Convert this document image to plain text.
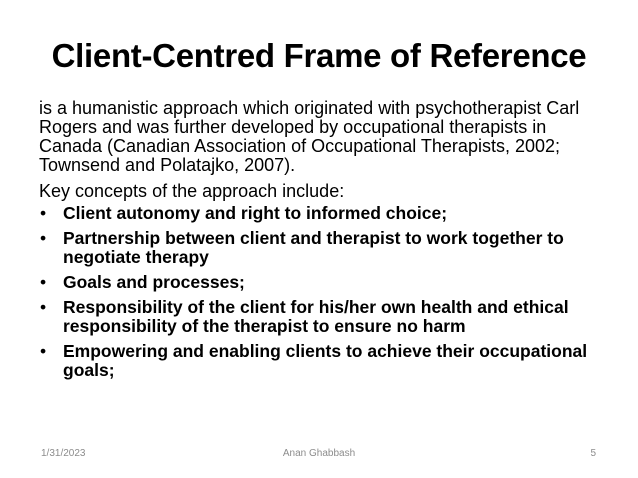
Client-Centred Frame of Reference

is a humanistic approach which originated with psychotherapist Carl Rogers and was further developed by occupational therapists in Canada (Canadian Association of Occupational Therapists, 2002; Townsend and Polatajko, 2007).

Key concepts of the approach include:

• Client autonomy and right to informed choice;
• Partnership between client and therapist to work together to negotiate therapy
• Goals and processes;
• Responsibility of the client for his/her own health and ethical responsibility of the therapist to ensure no harm
• Empowering and enabling clients to achieve their occupational goals;
1/31/2023	Anan Ghabbash	5
